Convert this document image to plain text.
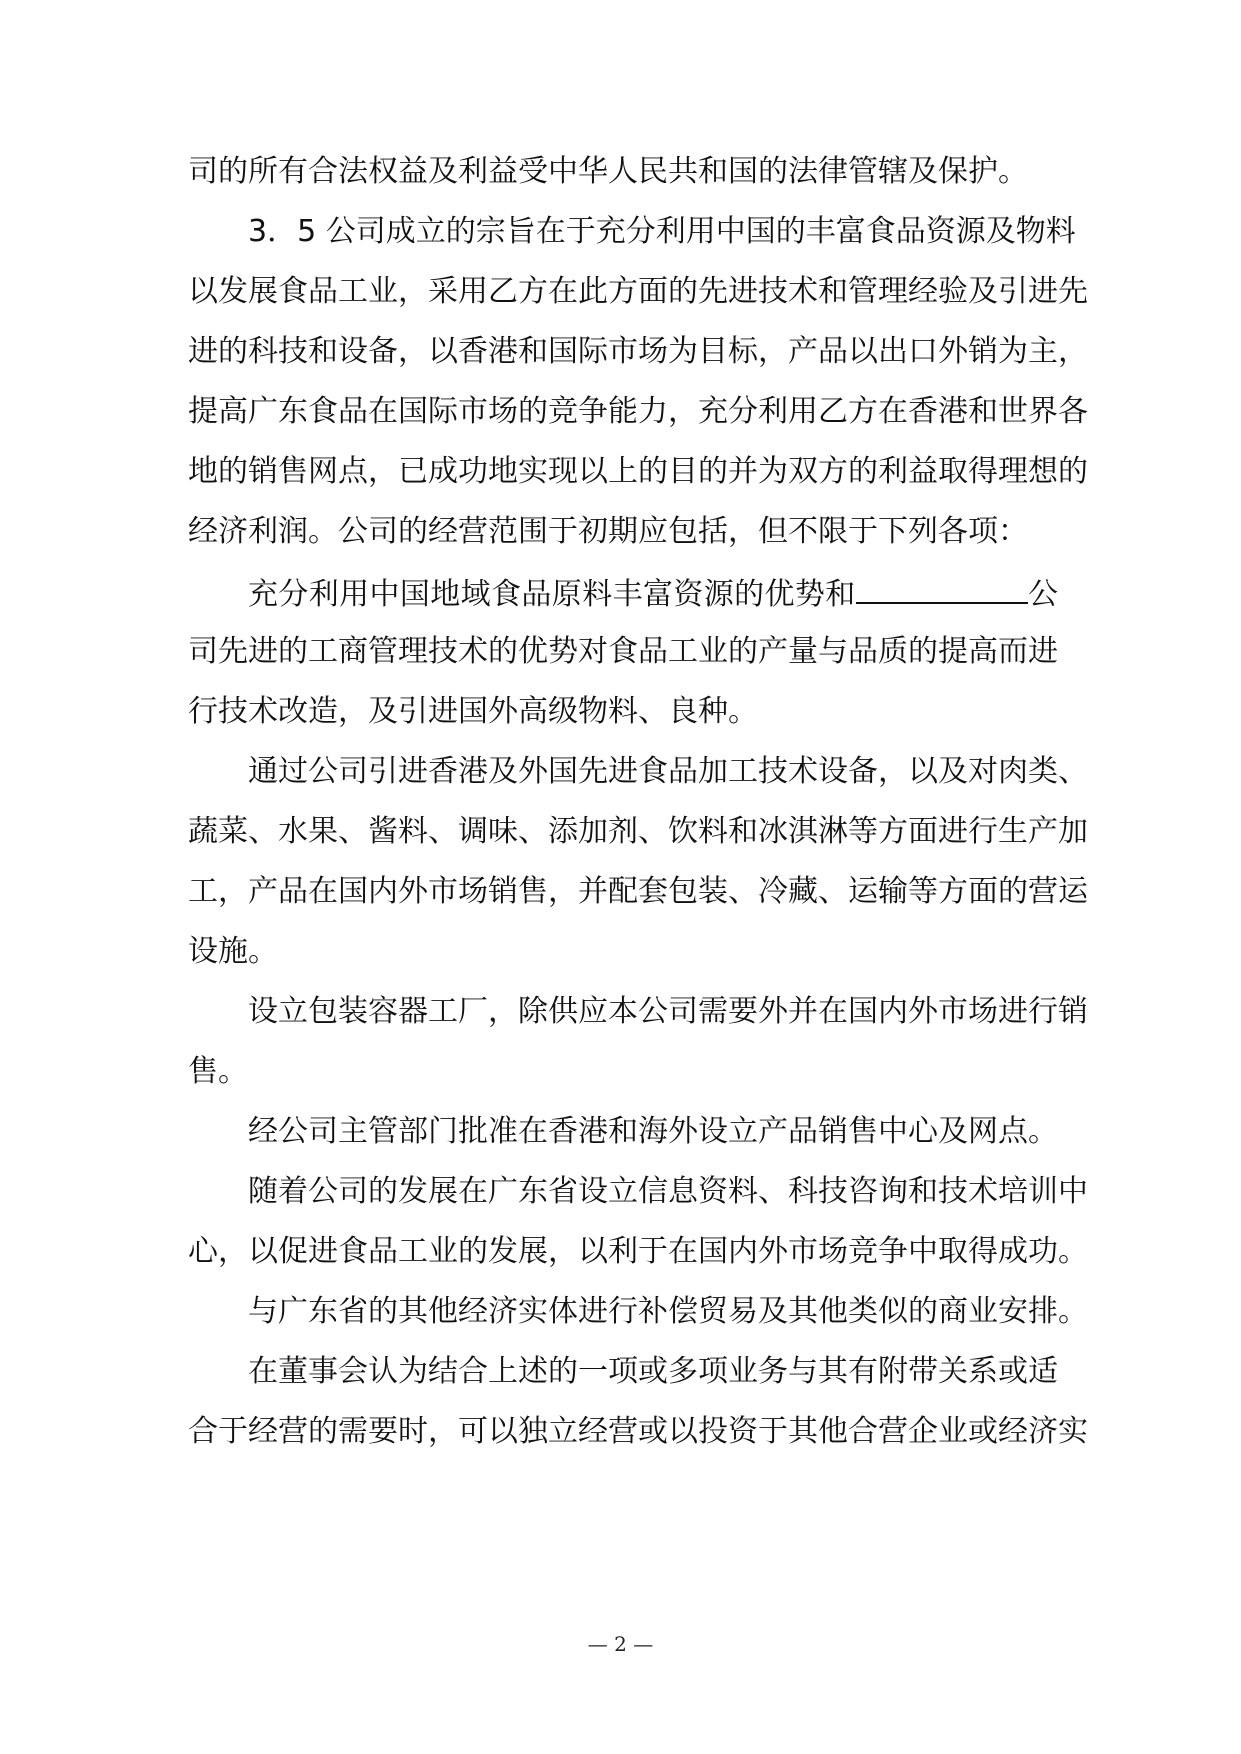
司的所有合法权益及利益受中华人民共和国的法律管辖及保护。
3．5 公司成立的宗旨在于充分利用中国的丰富食品资源及物料
以发展食品工业，采用乙方在此方面的先进技术和管理经验及引进先
进的科技和设备，以香港和国际市场为目标，产品以出口外销为主，
提高广东食品在国际市场的竞争能力，充分利用乙方在香港和世界各
地的销售网点，已成功地实现以上的目的并为双方的利益取得理想的
经济利润。公司的经营范围于初期应包括，但不限于下列各项：
充分利用中国地域食品原料丰富资源的优势和	公
司先进的工商管理技术的优势对食品工业的产量与品质的提高而进
行技术改造，及引进国外高级物料、良种。
通过公司引进香港及外国先进食品加工技术设备，以及对肉类、
蔬菜、水果、酱料、调味、添加剂、饮料和冰淇淋等方面进行生产加
工，产品在国内外市场销售，并配套包装、冷藏、运输等方面的营运
设施。
设立包装容器工厂，除供应本公司需要外并在国内外市场进行销
售。
经公司主管部门批准在香港和海外设立产品销售中心及网点。
随着公司的发展在广东省设立信息资料、科技咨询和技术培训中
心，以促进食品工业的发展，以利于在国内外市场竞争中取得成功。
与广东省的其他经济实体进行补偿贸易及其他类似的商业安排。
在董事会认为结合上述的一项或多项业务与其有附带关系或适
合于经营的需要时，可以独立经营或以投资于其他合营企业或经济实
— 2 —
